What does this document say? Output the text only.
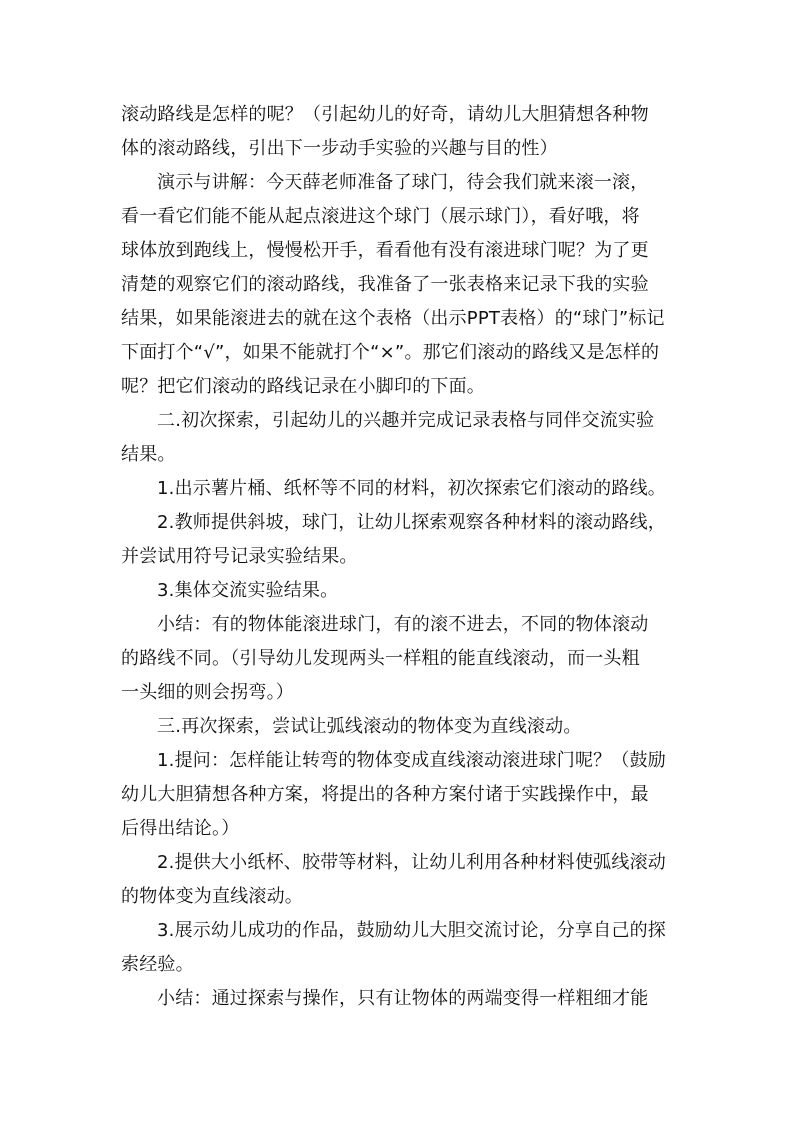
滚动路线是怎样的呢？（引起幼儿的好奇，请幼儿大胆猜想各种物
体的滚动路线，引出下一步动手实验的兴趣与目的性）
演示与讲解：今天薛老师准备了球门，待会我们就来滚一滚，
看一看它们能不能从起点滚进这个球门（展示球门），看好哦，将
球体放到跑线上，慢慢松开手，看看他有没有滚进球门呢？为了更
清楚的观察它们的滚动路线，我准备了一张表格来记录下我的实验
结果，如果能滚进去的就在这个表格（出示PPT表格）的“球门”标记
下面打个“√”，如果不能就打个“×”。那它们滚动的路线又是怎样的
呢？把它们滚动的路线记录在小脚印的下面。
二.初次探索，引起幼儿的兴趣并完成记录表格与同伴交流实验
结果。
1.出示薯片桶、纸杯等不同的材料，初次探索它们滚动的路线。
2.教师提供斜坡，球门，让幼儿探索观察各种材料的滚动路线，
并尝试用符号记录实验结果。
3.集体交流实验结果。
小结：有的物体能滚进球门，有的滚不进去，不同的物体滚动
的路线不同。（引导幼儿发现两头一样粗的能直线滚动，而一头粗
一头细的则会拐弯。）
三.再次探索，尝试让弧线滚动的物体变为直线滚动。
1.提问：怎样能让转弯的物体变成直线滚动滚进球门呢？（鼓励
幼儿大胆猜想各种方案，将提出的各种方案付诸于实践操作中，最
后得出结论。）
2.提供大小纸杯、胶带等材料，让幼儿利用各种材料使弧线滚动
的物体变为直线滚动。
3.展示幼儿成功的作品，鼓励幼儿大胆交流讨论，分享自己的探
索经验。
小结：通过探索与操作，只有让物体的两端变得一样粗细才能
